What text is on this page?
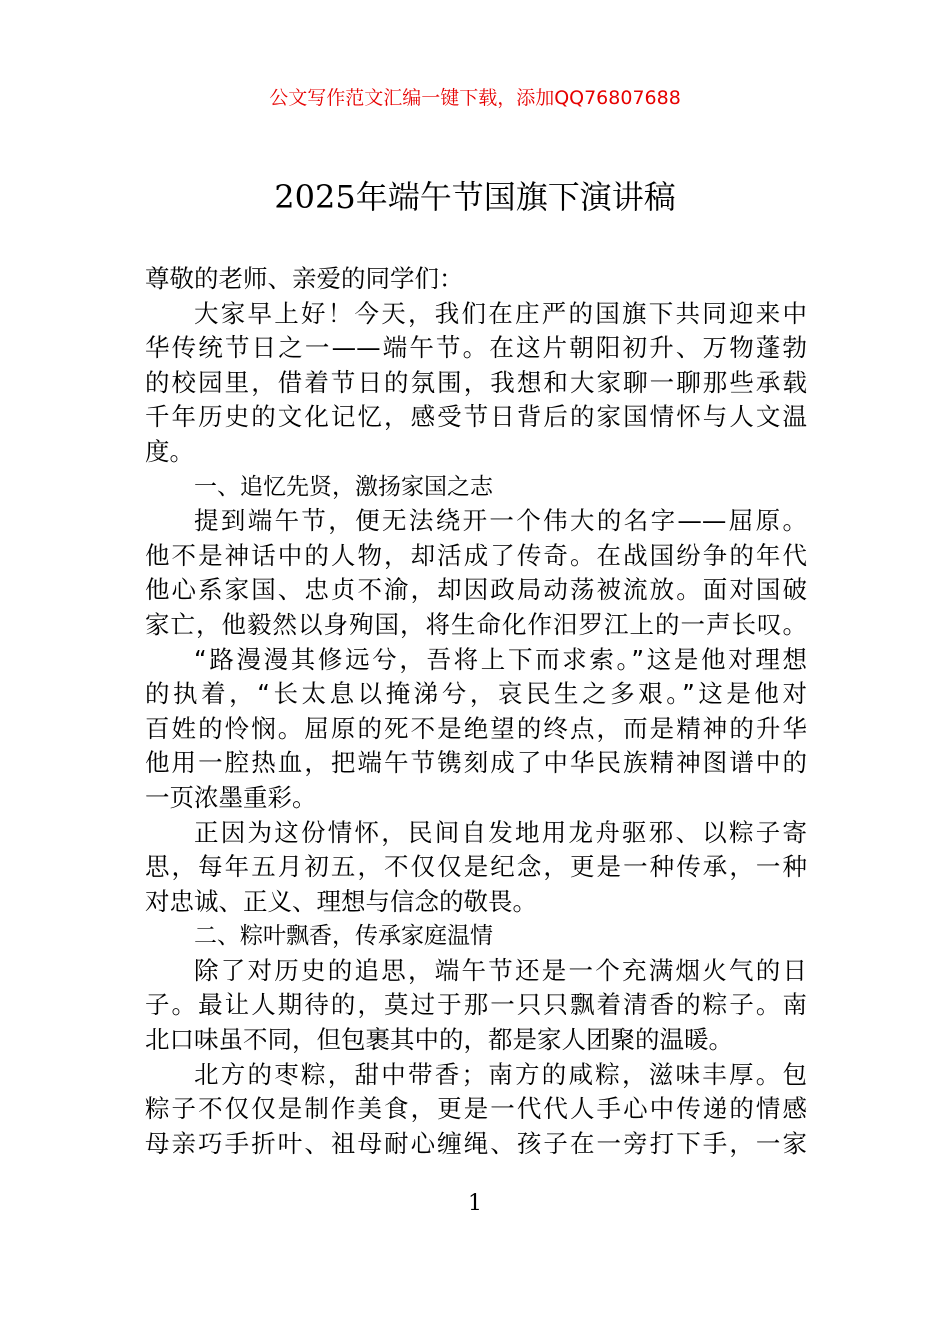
公文写作范文汇编一键下载，添加QQ76807688
2025年端午节国旗下演讲稿
尊敬的老师、亲爱的同学们：
大家早上好！今天，我们在庄严的国旗下共同迎来中
华传统节日之一——端午节。在这片朝阳初升、万物蓬勃
的校园里，借着节日的氛围，我想和大家聊一聊那些承载
千年历史的文化记忆，感受节日背后的家国情怀与人文温
度。
一、追忆先贤，激扬家国之志
提到端午节，便无法绕开一个伟大的名字——屈原。
他不是神话中的人物，却活成了传奇。在战国纷争的年代
他心系家国、忠贞不渝，却因政局动荡被流放。面对国破
家亡，他毅然以身殉国，将生命化作汨罗江上的一声长叹。
“路漫漫其修远兮，吾将上下而求索。”这是他对理想
的执着，“长太息以掩涕兮，哀民生之多艰。”这是他对
百姓的怜悯。屈原的死不是绝望的终点，而是精神的升华
他用一腔热血，把端午节镌刻成了中华民族精神图谱中的
一页浓墨重彩。
正因为这份情怀，民间自发地用龙舟驱邪、以粽子寄
思，每年五月初五，不仅仅是纪念，更是一种传承，一种
对忠诚、正义、理想与信念的敬畏。
二、粽叶飘香，传承家庭温情
除了对历史的追思，端午节还是一个充满烟火气的日
子。最让人期待的，莫过于那一只只飘着清香的粽子。南
北口味虽不同，但包裹其中的，都是家人团聚的温暖。
北方的枣粽，甜中带香；南方的咸粽，滋味丰厚。包
粽子不仅仅是制作美食，更是一代代人手心中传递的情感
母亲巧手折叶、祖母耐心缠绳、孩子在一旁打下手，一家
1
